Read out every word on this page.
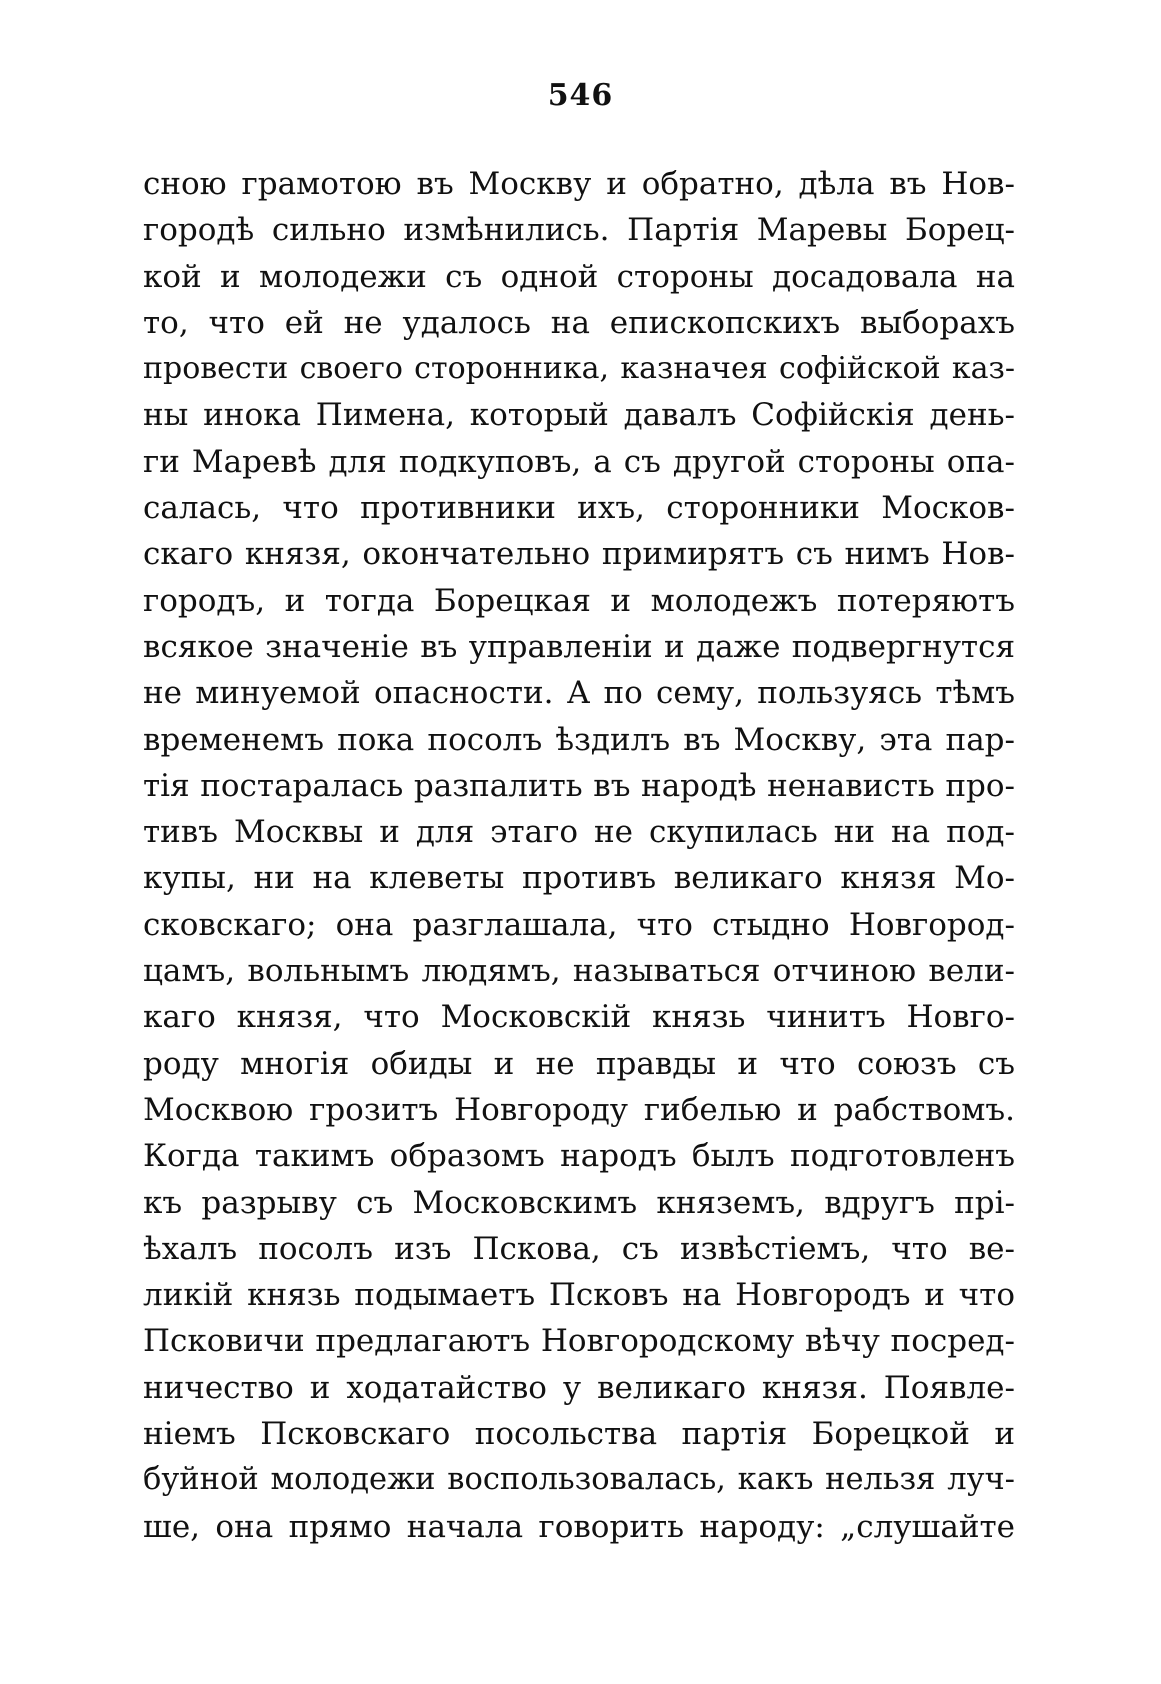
546
сною грамотою въ Москву и обратно, дѣла въ Нов-
городѣ сильно измѣнились. Партія Маревы Борец-
кой и молодежи съ одной стороны досадовала на
то, что ей не удалось на епископскихъ выборахъ
провести своего сторонника, казначея софійской каз-
ны инока Пимена, который давалъ Софійскія день-
ги Маревѣ для подкуповъ, а съ другой стороны опа-
салась, что противники ихъ, сторонники Москов-
скаго князя, окончательно примирятъ съ нимъ Нов-
городъ, и тогда Борецкая и молодежъ потеряютъ
всякое значеніе въ управленіи и даже подвергнутся
не минуемой опасности. А по сему, пользуясь тѣмъ
временемъ пока посолъ ѣздилъ въ Москву, эта пар-
тія постаралась разпалить въ народѣ ненависть про-
тивъ Москвы и для этаго не скупилась ни на под-
купы, ни на клеветы противъ великаго князя Мо-
сковскаго; она разглашала, что стыдно Новгород-
цамъ, вольнымъ людямъ, называться отчиною вели-
каго князя, что Московскій князь чинитъ Новго-
роду многія обиды и не правды и что союзъ съ
Москвою грозитъ Новгороду гибелью и рабствомъ.
Когда такимъ образомъ народъ былъ подготовленъ
къ разрыву съ Московскимъ княземъ, вдругъ прі-
ѣхалъ посолъ изъ Пскова, съ извѣстіемъ, что ве-
ликій князь подымаетъ Псковъ на Новгородъ и что
Псковичи предлагаютъ Новгородскому вѣчу посред-
ничество и ходатайство у великаго князя. Появле-
ніемъ Псковскаго посольства партія Борецкой и
буйной молодежи воспользовалась, какъ нельзя луч-
ше, она прямо начала говорить народу: „слушайте
